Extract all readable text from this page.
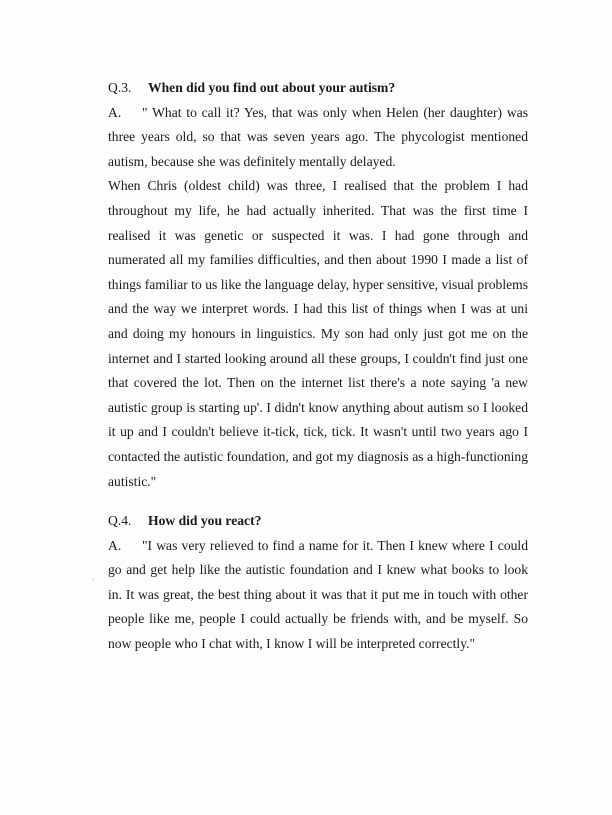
Q.3. When did you find out about your autism?

A. " What to call it? Yes, that was only when Helen (her daughter) was three years old, so that was seven years ago. The phycologist mentioned autism, because she was definitely mentally delayed.

When Chris (oldest child) was three, I realised that the problem I had throughout my life, he had actually inherited. That was the first time I realised it was genetic or suspected it was. I had gone through and numerated all my families difficulties, and then about 1990 I made a list of things familiar to us like the language delay, hyper sensitive, visual problems and the way we interpret words. I had this list of things when I was at uni and doing my honours in linguistics. My son had only just got me on the internet and I started looking around all these groups, I couldn't find just one that covered the lot. Then on the internet list there's a note saying 'a new autistic group is starting up'. I didn't know anything about autism so I looked it up and I couldn't believe it-tick, tick, tick. It wasn't until two years ago I contacted the autistic foundation, and got my diagnosis as a high-functioning autistic."

Q.4. How did you react?

A. "I was very relieved to find a name for it. Then I knew where I could go and get help like the autistic foundation and I knew what books to look in. It was great, the best thing about it was that it put me in touch with other people like me, people I could actually be friends with, and be myself. So now people who I chat with, I know I will be interpreted correctly."
